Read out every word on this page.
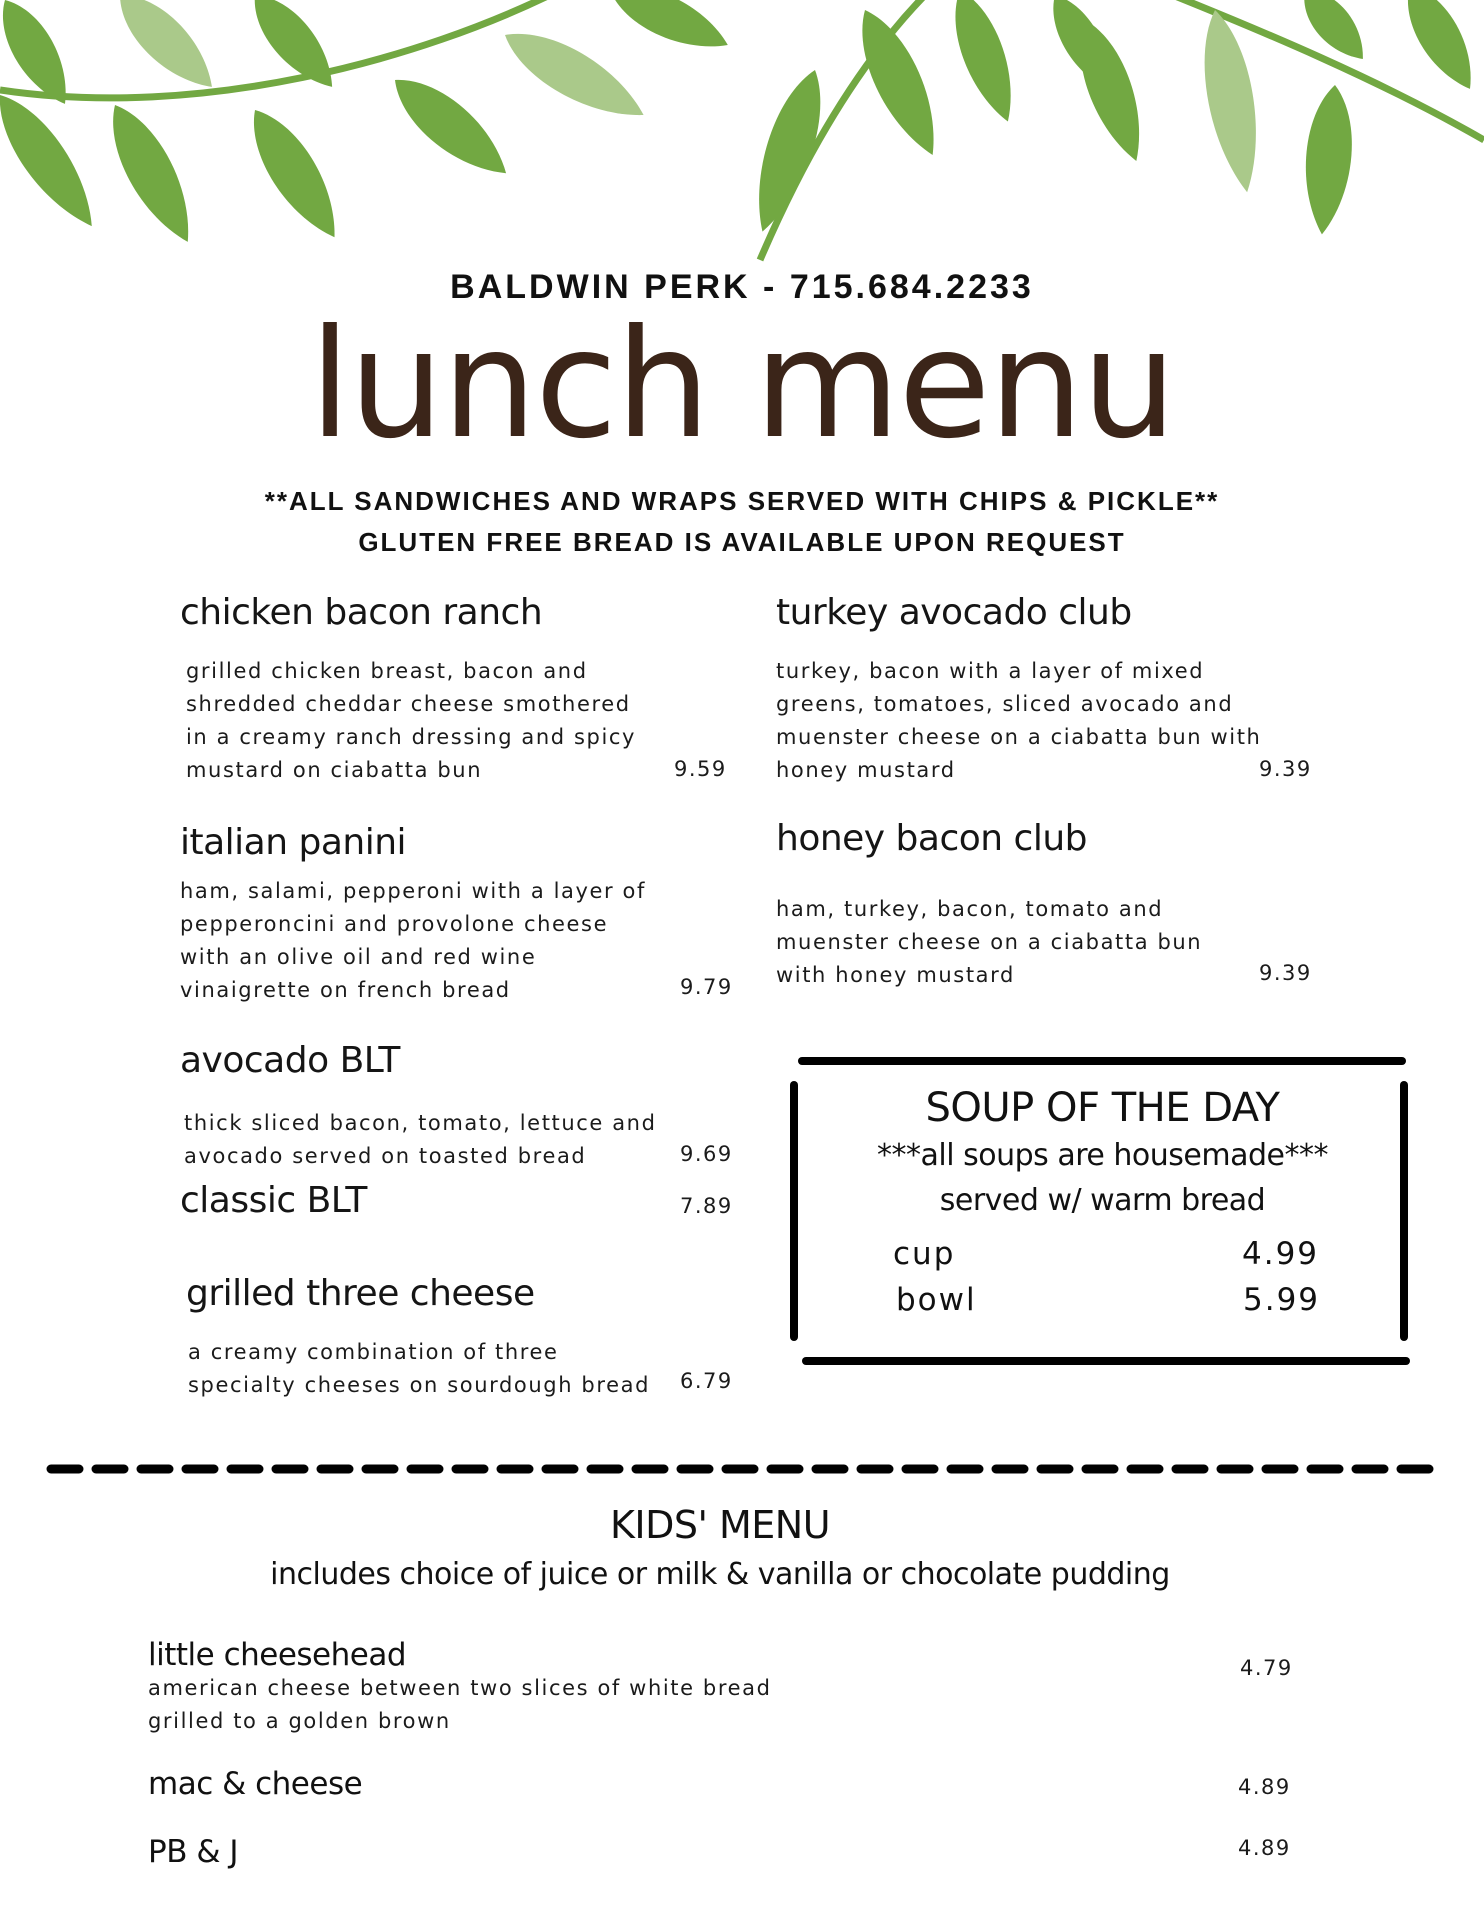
BALDWIN PERK - 715.684.2233
lunch menu
**ALL SANDWICHES AND WRAPS SERVED WITH CHIPS & PICKLE**
GLUTEN FREE BREAD IS AVAILABLE UPON REQUEST
chicken bacon ranch
grilled chicken breast, bacon and
shredded cheddar cheese smothered
in a creamy ranch dressing and spicy
mustard on ciabatta bun	9.59
italian panini
ham, salami, pepperoni with a layer of
pepperoncini and provolone cheese
with an olive oil and red wine
vinaigrette on french bread	9.79
avocado BLT
thick sliced bacon, tomato, lettuce and
avocado served on toasted bread	9.69
classic BLT	7.89
grilled three cheese
a creamy combination of three
specialty cheeses on sourdough bread 6.79
turkey avocado club
turkey, bacon with a layer of mixed
greens, tomatoes, sliced avocado and
muenster cheese on a ciabatta bun with
honey mustard	9.39
honey bacon club
ham, turkey, bacon, tomato and
muenster cheese on a ciabatta bun
with honey mustard	9.39
SOUP OF THE DAY
***all soups are housemade***
served w/ warm bread
cup	4.99
bowl	5.99
KIDS' MENU
includes choice of juice or milk & vanilla or chocolate pudding
little cheesehead
american cheese between two slices of white bread
grilled to a golden brown
4.79
mac & cheese	4.89
PB & J	4.89
